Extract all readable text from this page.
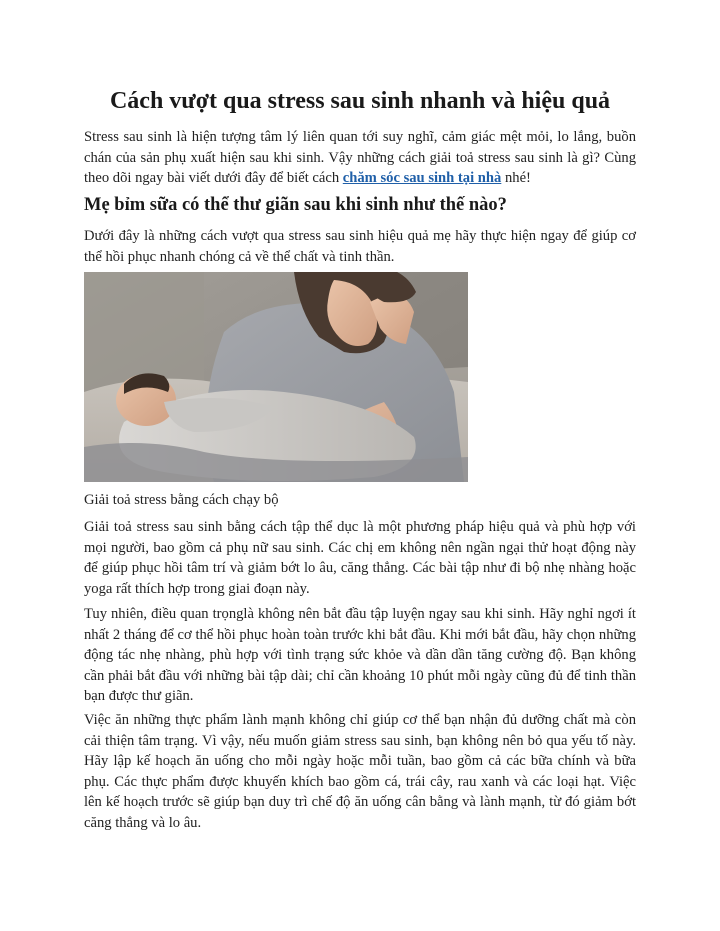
Cách vượt qua stress sau sinh nhanh và hiệu quả

Stress sau sinh là hiện tượng tâm lý liên quan tới suy nghĩ, cảm giác mệt mỏi, lo lắng, buồn chán của sản phụ xuất hiện sau khi sinh. Vậy những cách giải toả stress sau sinh là gì? Cùng theo dõi ngay bài viết dưới đây để biết cách chăm sóc sau sinh tại nhà nhé!

Mẹ bỉm sữa có thể thư giãn sau khi sinh như thế nào?

Dưới đây là những cách vượt qua stress sau sinh hiệu quả mẹ hãy thực hiện ngay để giúp cơ thể hồi phục nhanh chóng cả về thể chất và tinh thần.

Giải toả stress bằng cách chạy bộ

Giải toả stress sau sinh bằng cách tập thể dục là một phương pháp hiệu quả và phù hợp với mọi người, bao gồm cả phụ nữ sau sinh. Các chị em không nên ngần ngại thử hoạt động này để giúp phục hồi tâm trí và giảm bớt lo âu, căng thẳng. Các bài tập như đi bộ nhẹ nhàng hoặc yoga rất thích hợp trong giai đoạn này.

Tuy nhiên, điều quan trọnglà không nên bắt đầu tập luyện ngay sau khi sinh. Hãy nghỉ ngơi ít nhất 2 tháng để cơ thể hồi phục hoàn toàn trước khi bắt đầu. Khi mới bắt đầu, hãy chọn những động tác nhẹ nhàng, phù hợp với tình trạng sức khỏe và dần dần tăng cường độ. Bạn không cần phải bắt đầu với những bài tập dài; chỉ cần khoảng 10 phút mỗi ngày cũng đủ để tinh thần bạn được thư giãn.

Việc ăn những thực phẩm lành mạnh không chỉ giúp cơ thể bạn nhận đủ dưỡng chất mà còn cải thiện tâm trạng. Vì vậy, nếu muốn giảm stress sau sinh, bạn không nên bỏ qua yếu tố này. Hãy lập kế hoạch ăn uống cho mỗi ngày hoặc mỗi tuần, bao gồm cả các bữa chính và bữa phụ. Các thực phẩm được khuyến khích bao gồm cá, trái cây, rau xanh và các loại hạt. Việc lên kế hoạch trước sẽ giúp bạn duy trì chế độ ăn uống cân bằng và lành mạnh, từ đó giảm bớt căng thẳng và lo âu.
